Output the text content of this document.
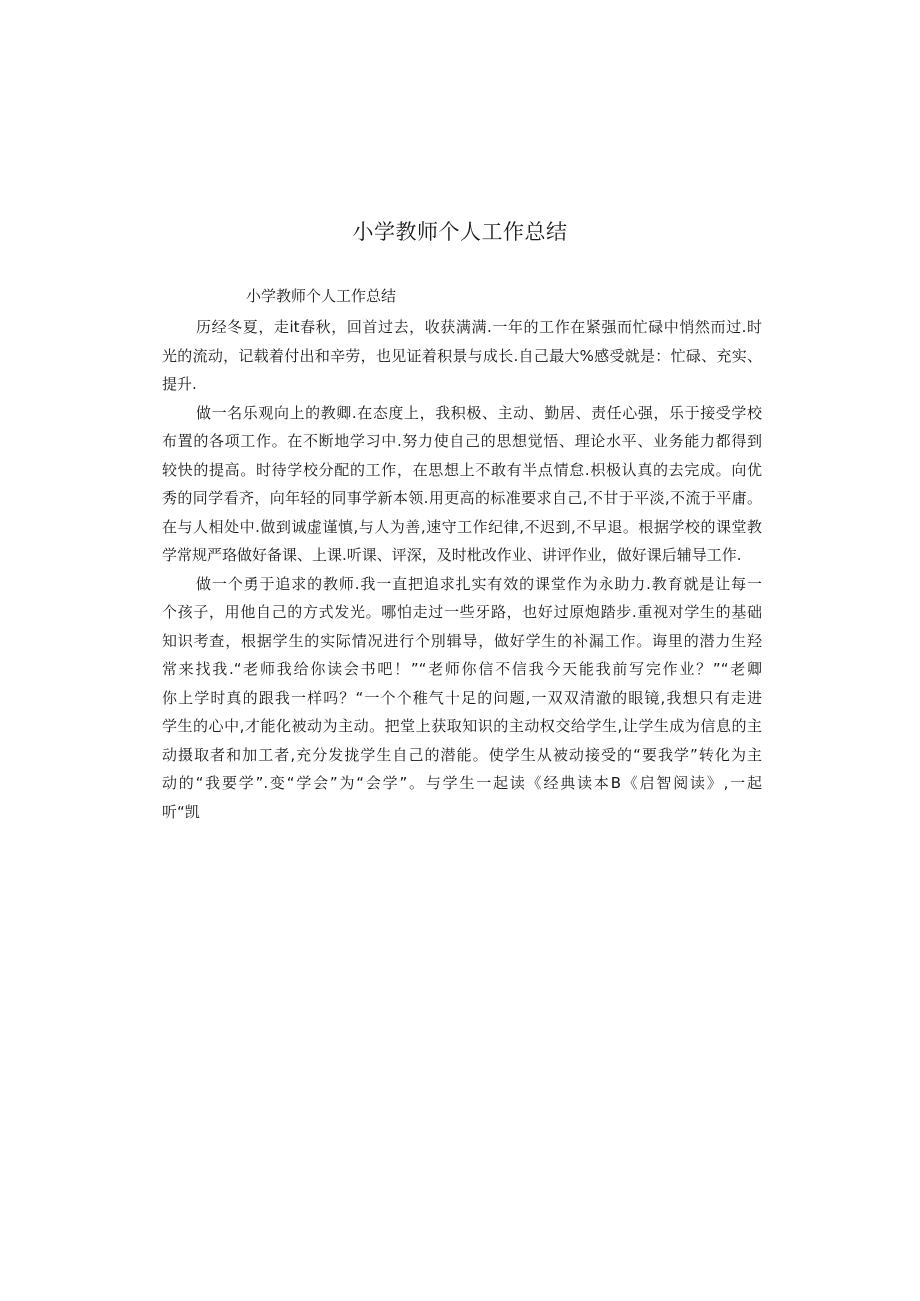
小学教师个人工作总结

小学教师个人工作总结

历经冬夏，走it春秋，回首过去，收获满满.一年的工作在紧强而忙碌中悄然而过.时
光的流动，记载着付出和辛劳，也见证着积景与成长.自己最大%感受就是：忙碌、充实、
提升.

做一名乐观向上的教卿.在态度上，我积极、主动、勤居、责任心强，乐于接受学校
布置的各项工作。在不断地学习中.努力使自己的思想觉悟、理论水平、业务能力都得到
较快的提高。时待学校分配的工作，在思想上不敢有半点情怠.枳极认真的去完成。向优
秀的同学看齐，向年轻的同事学新本领.用更高的标准要求自己,不甘于平淡,不流于平庸。
在与人相处中.做到诚虚谨慎,与人为善,速守工作纪律,不迟到,不早退。根据学校的课堂教
学常规严珞做好备课、上课.听课、评深，及时枇改作业、讲评作业，做好课后辅导工作.

做一个勇于追求的教师.我一直把追求扎实有效的课堂作为永助力.教育就是让每一
个孩子，用他自己的方式发光。哪怕走过一些牙路，也好过原炮踏步.重视对学生的基础
知识考查，根据学生的实际情况进行个別辑导，做好学生的补漏工作。诲里的潜力生羟
常来找我.“老师我给你读会书吧！”“老师你信不信我今天能我前写完作业？”“老卿
你上学时真的跟我一样吗？“一个个稚气十足的问题,一双双清澈的眼镜,我想只有走进
学生的心中,才能化被动为主动。把堂上获取知识的主动权交给学生,让学生成为信息的主
动摄取者和加工者,充分发拢学生自己的潜能。使学生从被动接受的“要我学”转化为主
动的“我要学”.变“学会”为“会学”。与学生一起读《经典读本B《启智阅读》,一起
听“凯
